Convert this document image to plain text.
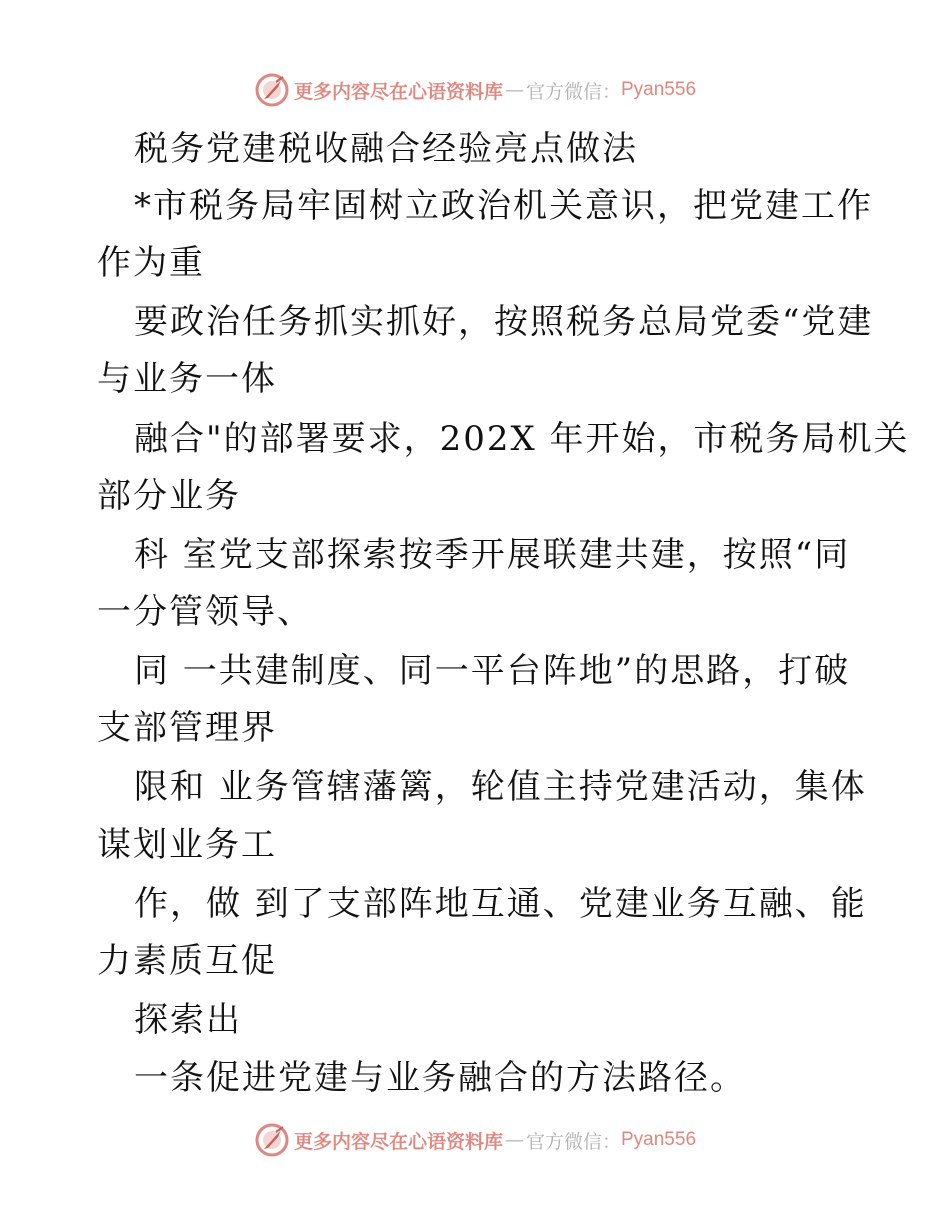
更多内容尽在心语资料库 — 官方微信： Pyan556
税务党建税收融合经验亮点做法
*市税务局牢固树立政治机关意识，把党建工作
作为重
要政治任务抓实抓好，按照税务总局党委“党建
与业务一体
融合"的部署要求，202X 年开始，市税务局机关
部分业务
科 室党支部探索按季开展联建共建，按照“同
一分管领导、
同 一共建制度、同一平台阵地”的思路，打破
支部管理界
限和 业务管辖藩篱，轮值主持党建活动，集体
谋划业务工
作，做 到了支部阵地互通、党建业务互融、能
力素质互促
探索出
一条促进党建与业务融合的方法路径。
更多内容尽在心语资料库 — 官方微信： Pyan556
